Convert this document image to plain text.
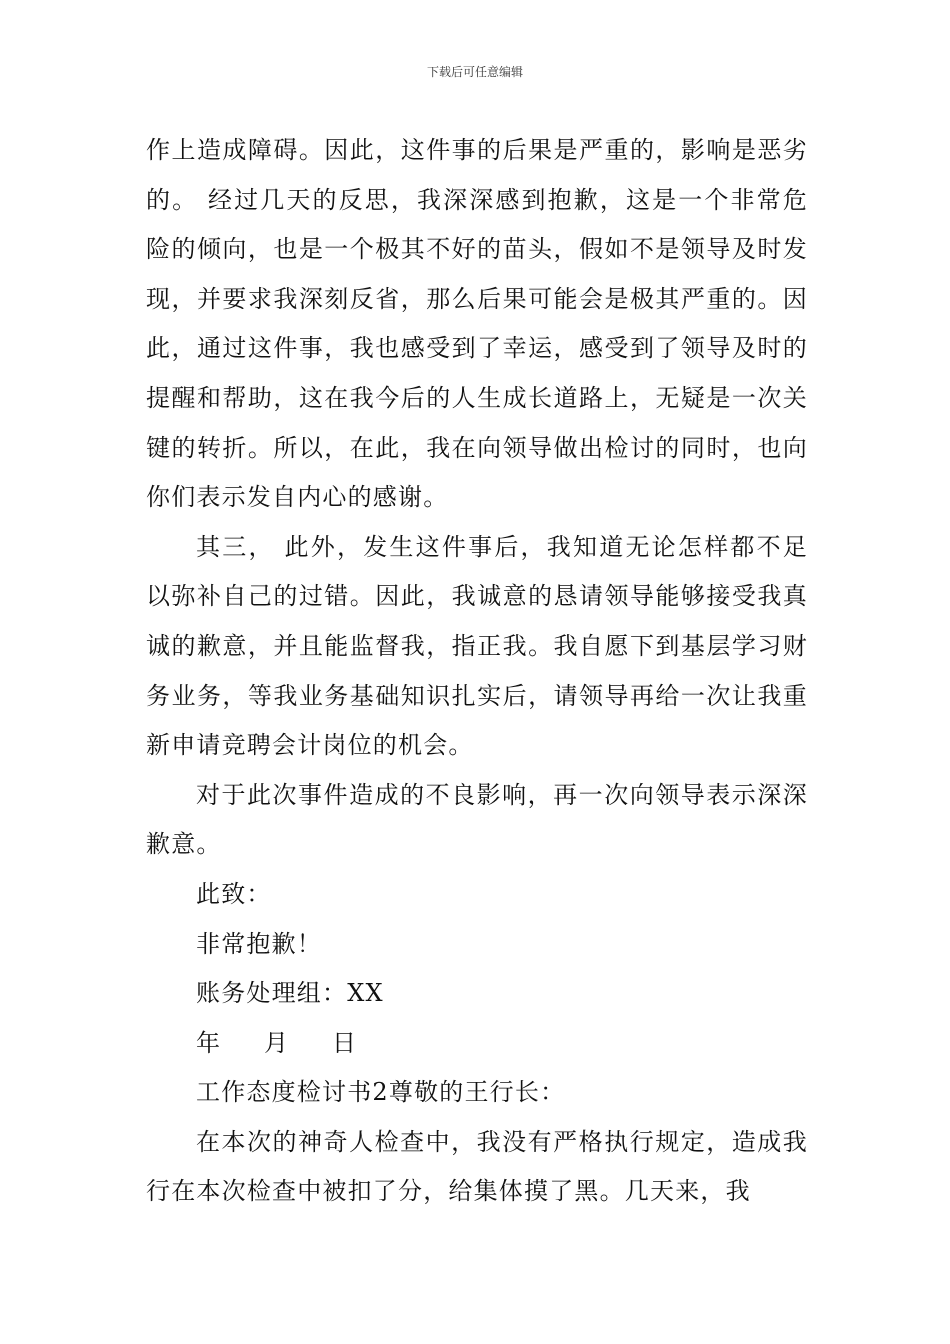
下载后可任意编辑

作上造成障碍。因此，这件事的后果是严重的，影响是恶劣的。 经过几天的反思，我深深感到抱歉，这是一个非常危险的倾向，也是一个极其不好的苗头，假如不是领导及时发现，并要求我深刻反省，那么后果可能会是极其严重的。因此，通过这件事，我也感受到了幸运，感受到了领导及时的提醒和帮助，这在我今后的人生成长道路上，无疑是一次关键的转折。所以，在此，我在向领导做出检讨的同时，也向你们表示发自内心的感谢。

其三， 此外，发生这件事后，我知道无论怎样都不足以弥补自己的过错。因此，我诚意的恳请领导能够接受我真诚的歉意，并且能监督我，指正我。我自愿下到基层学习财务业务，等我业务基础知识扎实后，请领导再给一次让我重新申请竞聘会计岗位的机会。

对于此次事件造成的不良影响，再一次向领导表示深深歉意。

此致：

非常抱歉！

账务处理组：XX

年 月 日

工作态度检讨书2尊敬的王行长：

在本次的神奇人检查中，我没有严格执行规定，造成我行在本次检查中被扣了分，给集体摸了黑。几天来，我
